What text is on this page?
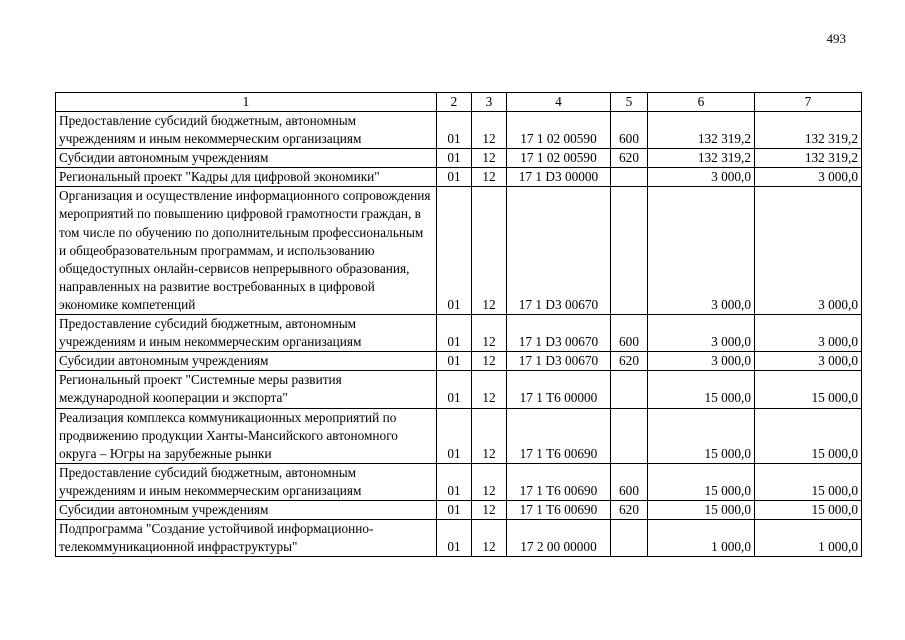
493
1	2	3	4	5	6	7
Предоставление субсидий бюджетным, автономным учреждениям и иным некоммерческим организациям	01	12	17 1 02 00590	600	132 319,2	132 319,2
Субсидии автономным учреждениям	01	12	17 1 02 00590	620	132 319,2	132 319,2
Региональный проект "Кадры для цифровой экономики"	01	12	17 1 D3 00000		3 000,0	3 000,0
Организация и осуществление информационного сопровождения мероприятий по повышению цифровой грамотности граждан, в том числе по обучению по дополнительным профессиональным и общеобразовательным программам, и использованию общедоступных онлайн-сервисов непрерывного образования, направленных на развитие востребованных в цифровой экономике компетенций	01	12	17 1 D3 00670		3 000,0	3 000,0
Предоставление субсидий бюджетным, автономным учреждениям и иным некоммерческим организациям	01	12	17 1 D3 00670	600	3 000,0	3 000,0
Субсидии автономным учреждениям	01	12	17 1 D3 00670	620	3 000,0	3 000,0
Региональный проект "Системные меры развития международной кооперации и экспорта"	01	12	17 1 T6 00000		15 000,0	15 000,0
Реализация комплекса коммуникационных мероприятий по продвижению продукции Ханты-Мансийского автономного округа – Югры на зарубежные рынки	01	12	17 1 T6 00690		15 000,0	15 000,0
Предоставление субсидий бюджетным, автономным учреждениям и иным некоммерческим организациям	01	12	17 1 T6 00690	600	15 000,0	15 000,0
Субсидии автономным учреждениям	01	12	17 1 T6 00690	620	15 000,0	15 000,0
Подпрограмма "Создание устойчивой информационно-телекоммуникационной инфраструктуры"	01	12	17 2 00 00000		1 000,0	1 000,0
